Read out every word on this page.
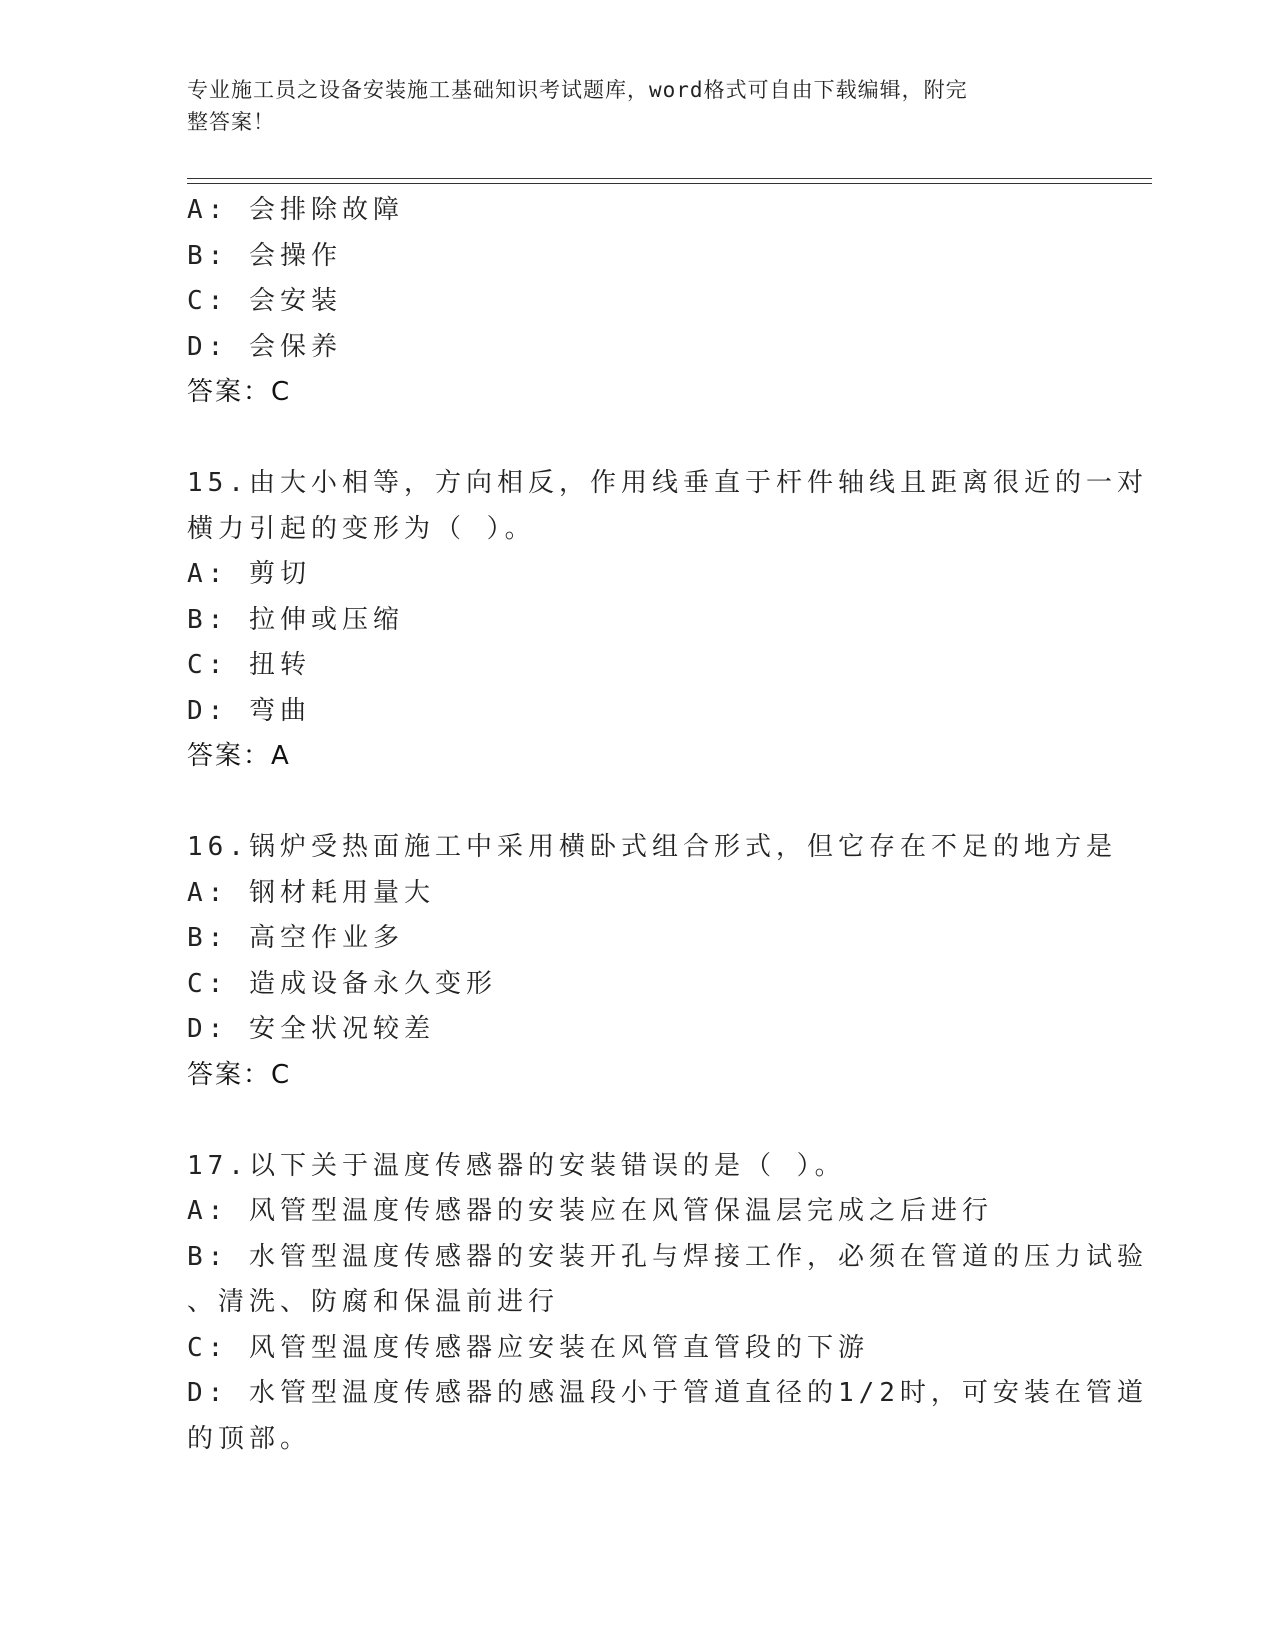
专业施工员之设备安装施工基础知识考试题库，word格式可自由下载编辑，附完
整答案！
A: 会排除故障
B: 会操作
C: 会安装
D: 会保养
答案：C
15.由大小相等，方向相反，作用线垂直于杆件轴线且距离很近的一对
横力引起的变形为（ ）。
A: 剪切
B: 拉伸或压缩
C: 扭转
D: 弯曲
答案：A
16.锅炉受热面施工中采用横卧式组合形式，但它存在不足的地方是
A: 钢材耗用量大
B: 高空作业多
C: 造成设备永久变形
D: 安全状况较差
答案：C
17.以下关于温度传感器的安装错误的是（ ）。
A: 风管型温度传感器的安装应在风管保温层完成之后进行
B: 水管型温度传感器的安装开孔与焊接工作，必须在管道的压力试验
、清洗、防腐和保温前进行
C: 风管型温度传感器应安装在风管直管段的下游
D: 水管型温度传感器的感温段小于管道直径的1/2时，可安装在管道
的顶部。
